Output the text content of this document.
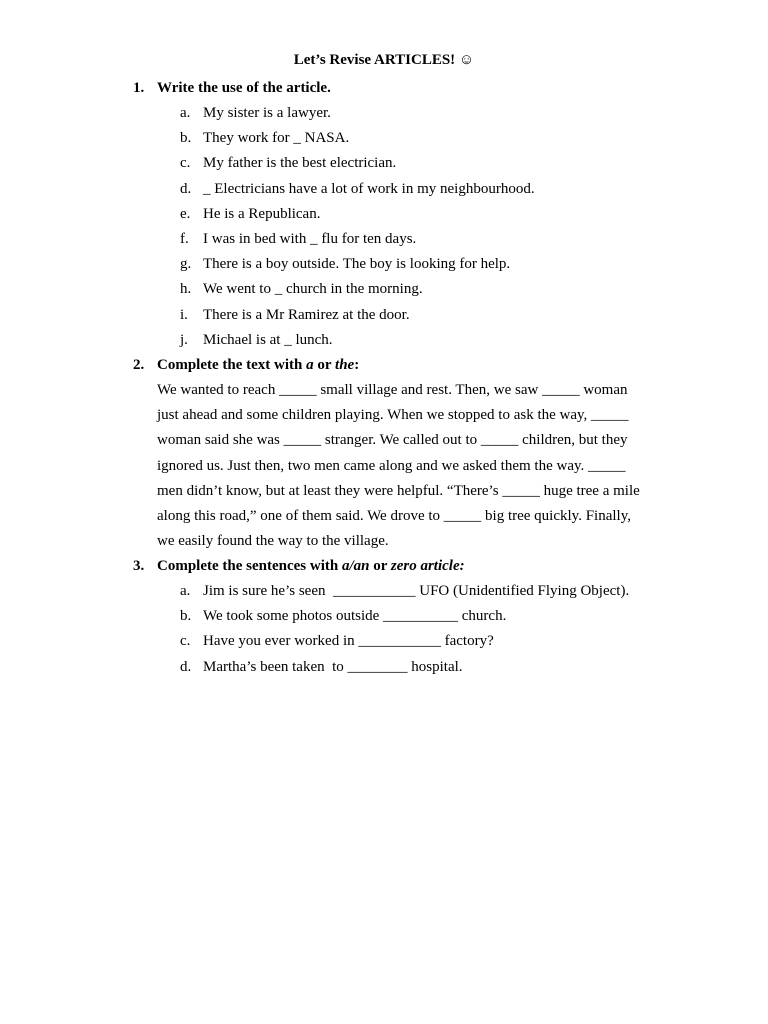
Let’s Revise ARTICLES! ☺
1. Write the use of the article.
a. My sister is a lawyer.
b. They work for _ NASA.
c. My father is the best electrician.
d. _ Electricians have a lot of work in my neighbourhood.
e. He is a Republican.
f. I was in bed with _ flu for ten days.
g. There is a boy outside. The boy is looking for help.
h. We went to _ church in the morning.
i. There is a Mr Ramirez at the door.
j. Michael is at _ lunch.
2. Complete the text with a or the:
We wanted to reach _____ small village and rest. Then, we saw _____ woman
just ahead and some children playing. When we stopped to ask the way, _____
woman said she was _____ stranger. We called out to _____ children, but they
ignored us. Just then, two men came along and we asked them the way. _____
men didn’t know, but at least they were helpful. “There’s _____ huge tree a mile
along this road,” one of them said. We drove to _____ big tree quickly. Finally,
we easily found the way to the village.
3. Complete the sentences with a/an or zero article:
a. Jim is sure he’s seen  ___________ UFO (Unidentified Flying Object).
b. We took some photos outside __________ church.
c. Have you ever worked in ___________ factory?
d. Martha’s been taken  to ________ hospital.
